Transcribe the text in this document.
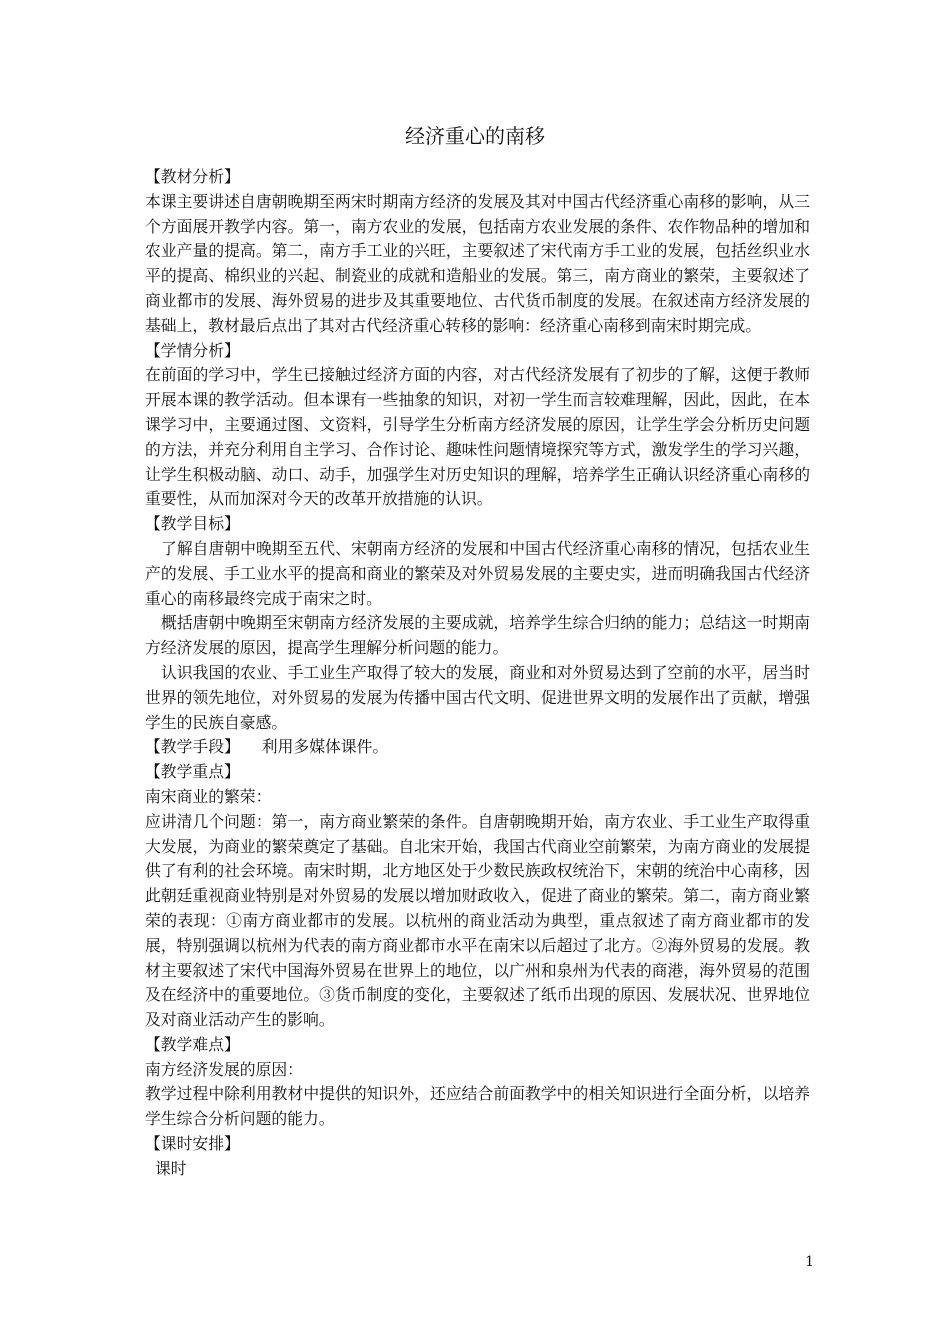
经济重心的南移

【教材分析】

本课主要讲述自唐朝晚期至两宋时期南方经济的发展及其对中国古代经济重心南移的影响，从三个方面展开教学内容。第一，南方农业的发展，包括南方农业发展的条件、农作物品种的增加和农业产量的提高。第二，南方手工业的兴旺，主要叙述了宋代南方手工业的发展，包括丝织业水平的提高、棉织业的兴起、制瓷业的成就和造船业的发展。第三，南方商业的繁荣，主要叙述了商业都市的发展、海外贸易的进步及其重要地位、古代货币制度的发展。在叙述南方经济发展的基础上，教材最后点出了其对古代经济重心转移的影响：经济重心南移到南宋时期完成。

【学情分析】

在前面的学习中，学生已接触过经济方面的内容，对古代经济发展有了初步的了解，这便于教师开展本课的教学活动。但本课有一些抽象的知识，对初一学生而言较难理解，因此，因此，在本课学习中，主要通过图、文资料，引导学生分析南方经济发展的原因，让学生学会分析历史问题的方法，并充分利用自主学习、合作讨论、趣味性问题情境探究等方式，激发学生的学习兴趣，让学生积极动脑、动口、动手，加强学生对历史知识的理解，培养学生正确认识经济重心南移的重要性，从而加深对今天的改革开放措施的认识。

【教学目标】

了解自唐朝中晚期至五代、宋朝南方经济的发展和中国古代经济重心南移的情况，包括农业生产的发展、手工业水平的提高和商业的繁荣及对外贸易发展的主要史实，进而明确我国古代经济重心的南移最终完成于南宋之时。

概括唐朝中晚期至宋朝南方经济发展的主要成就，培养学生综合归纳的能力；总结这一时期南方经济发展的原因，提高学生理解分析问题的能力。

认识我国的农业、手工业生产取得了较大的发展，商业和对外贸易达到了空前的水平，居当时世界的领先地位，对外贸易的发展为传播中国古代文明、促进世界文明的发展作出了贡献，增强学生的民族自豪感。

【教学手段】 利用多媒体课件。

【教学重点】

南宋商业的繁荣：

应讲清几个问题：第一，南方商业繁荣的条件。自唐朝晚期开始，南方农业、手工业生产取得重大发展，为商业的繁荣奠定了基础。自北宋开始，我国古代商业空前繁荣，为南方商业的发展提供了有利的社会环境。南宋时期，北方地区处于少数民族政权统治下，宋朝的统治中心南移，因此朝廷重视商业特别是对外贸易的发展以增加财政收入，促进了商业的繁荣。第二，南方商业繁荣的表现：①南方商业都市的发展。以杭州的商业活动为典型，重点叙述了南方商业都市的发展，特别强调以杭州为代表的南方商业都市水平在南宋以后超过了北方。②海外贸易的发展。教材主要叙述了宋代中国海外贸易在世界上的地位，以广州和泉州为代表的商港，海外贸易的范围及在经济中的重要地位。③货币制度的变化，主要叙述了纸币出现的原因、发展状况、世界地位及对商业活动产生的影响。

【教学难点】

南方经济发展的原因：

教学过程中除利用教材中提供的知识外，还应结合前面教学中的相关知识进行全面分析，以培养学生综合分析问题的能力。

【课时安排】

课时

1
